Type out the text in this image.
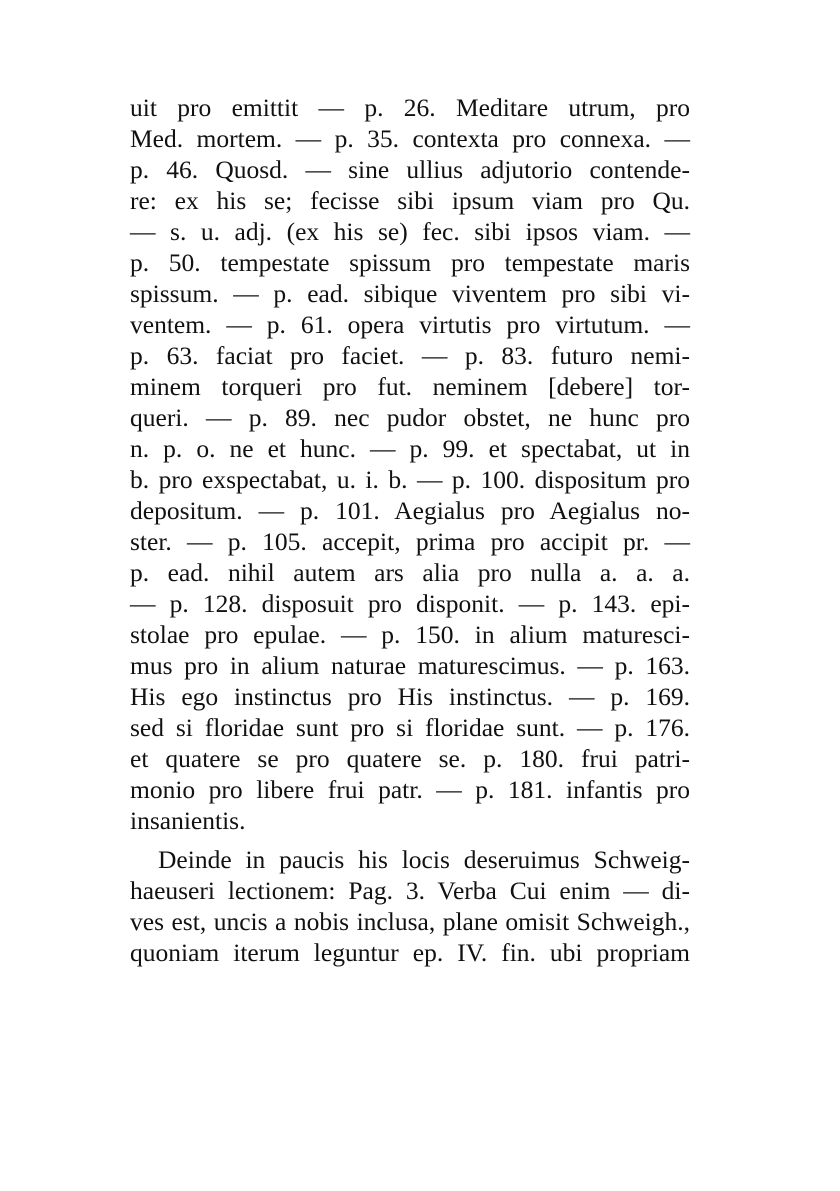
uit pro emittit — p. 26. Meditare utrum, pro
Med. mortem. — p. 35. contexta pro connexa. —
p. 46. Quosd. — sine ullius adjutorio contende-
re: ex his se; fecisse sibi ipsum viam pro Qu.
— s. u. adj. (ex his se) fec. sibi ipsos viam. —
p. 50. tempestate spissum pro tempestate maris
spissum. — p. ead. sibique viventem pro sibi vi-
ventem. — p. 61. opera virtutis pro virtutum. —
p. 63. faciat pro faciet. — p. 83. futuro nemi-
minem torqueri pro fut. neminem [debere] tor-
queri. — p. 89. nec pudor obstet, ne hunc pro
n. p. o. ne et hunc. — p. 99. et spectabat, ut in
b. pro exspectabat, u. i. b. — p. 100. dispositum pro
depositum. — p. 101. Aegialus pro Aegialus no-
ster. — p. 105. accepit, prima pro accipit pr. —
p. ead. nihil autem ars alia pro nulla a. a. a.
— p. 128. disposuit pro disponit. — p. 143. epi-
stolae pro epulae. — p. 150. in alium maturesci-
mus pro in alium naturae maturescimus. — p. 163.
His ego instinctus pro His instinctus. — p. 169.
sed si floridae sunt pro si floridae sunt. — p. 176.
et quatere se pro quatere se. p. 180. frui patri-
monio pro libere frui patr. — p. 181. infantis pro
insanientis.
Deinde in paucis his locis deseruimus Schweig-
haeuseri lectionem: Pag. 3. Verba Cui enim — di-
ves est, uncis a nobis inclusa, plane omisit Schweigh.,
quoniam iterum leguntur ep. IV. fin. ubi propriam
